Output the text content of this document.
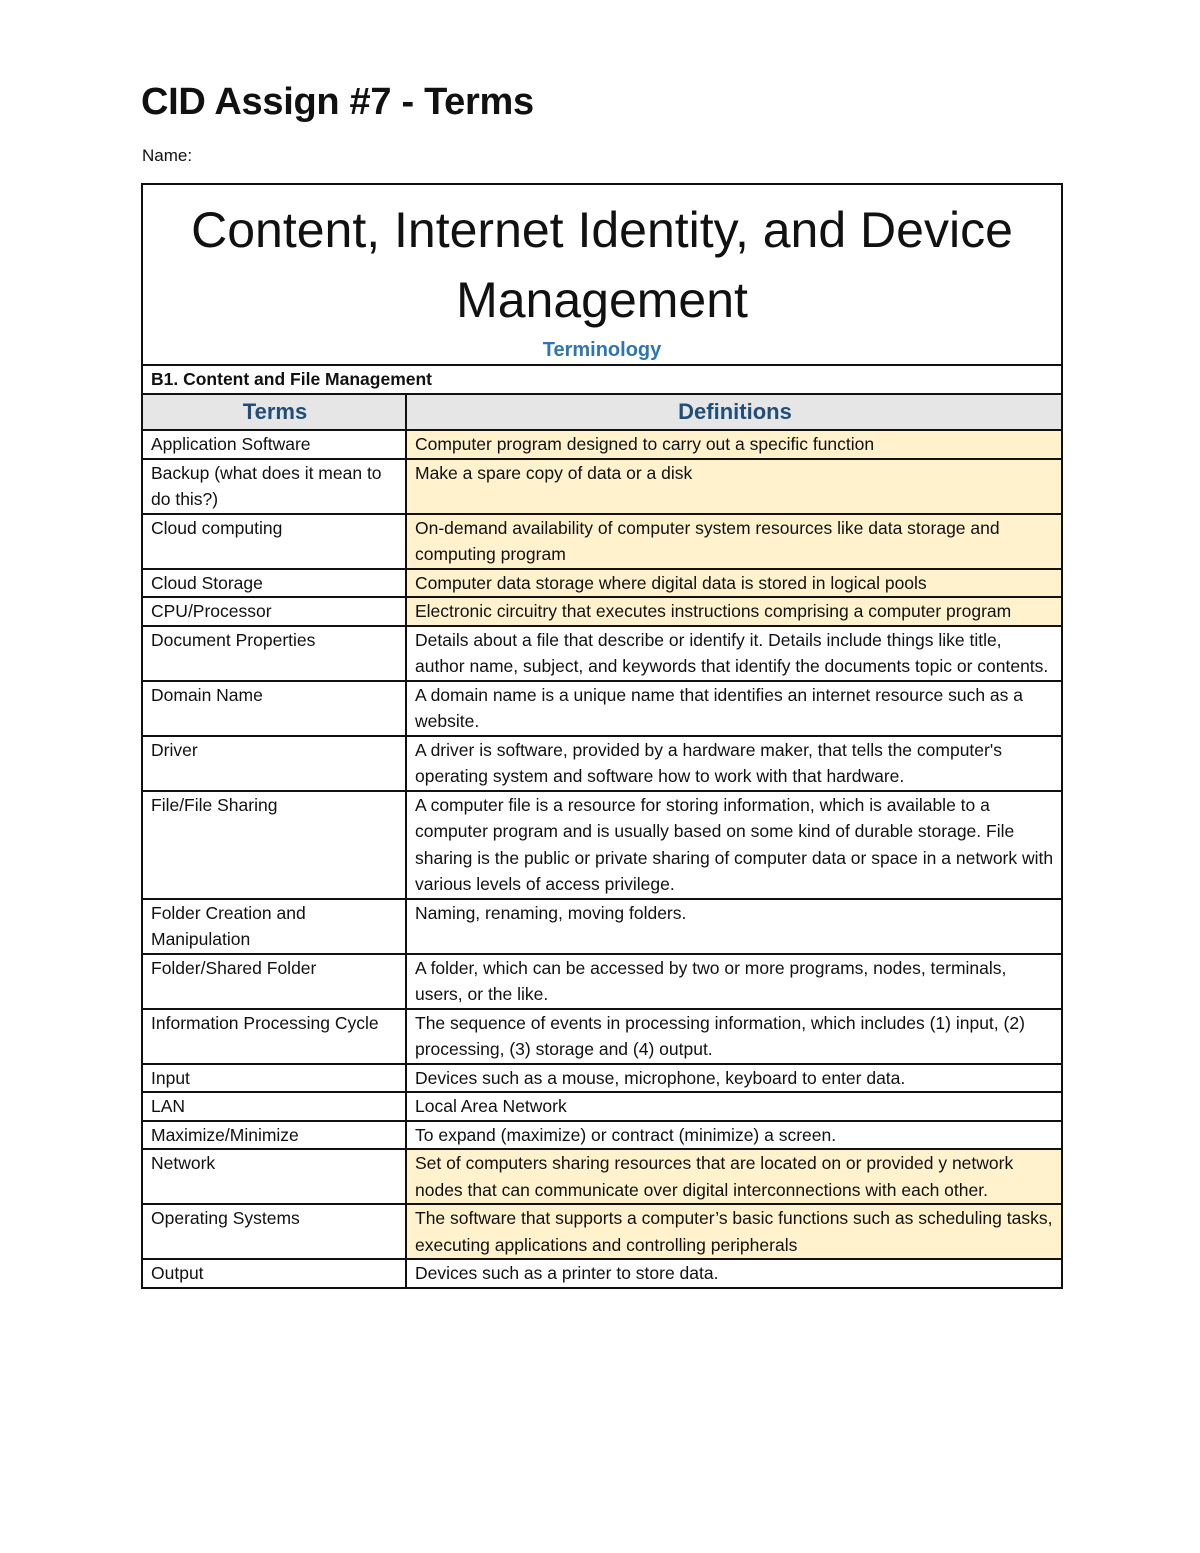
CID Assign #7 - Terms
Name:
Content, Internet Identity, and Device Management
Terminology	

B1. Content and File Management	
Terms	Definitions
Application Software	Computer program designed to carry out a specific function
Backup (what does it mean to do this?)	Make a spare copy of data or a disk
Cloud computing	On-demand availability of computer system resources like data storage and computing program
Cloud Storage	Computer data storage where digital data is stored in logical pools
CPU/Processor	Electronic circuitry that executes instructions comprising a computer program
Document Properties	Details about a file that describe or identify it. Details include things like title, author name, subject, and keywords that identify the documents topic or contents.
Domain Name	A domain name is a unique name that identifies an internet resource such as a website.
Driver	A driver is software, provided by a hardware maker, that tells the computer's operating system and software how to work with that hardware.
File/File Sharing	A computer file is a resource for storing information, which is available to a computer program and is usually based on some kind of durable storage. File sharing is the public or private sharing of computer data or space in a network with various levels of access privilege.
Folder Creation and Manipulation	Naming, renaming, moving folders.
Folder/Shared Folder	A folder, which can be accessed by two or more programs, nodes, terminals, users, or the like.
Information Processing Cycle	The sequence of events in processing information, which includes (1) input, (2) processing, (3) storage and (4) output.
Input	Devices such as a mouse, microphone, keyboard to enter data.
LAN	Local Area Network
Maximize/Minimize	To expand (maximize) or contract (minimize) a screen.
Network	Set of computers sharing resources that are located on or provided y network nodes that can communicate over digital interconnections with each other.
Operating Systems	The software that supports a computer’s basic functions such as scheduling tasks, executing applications and controlling peripherals
Output	Devices such as a printer to store data.
